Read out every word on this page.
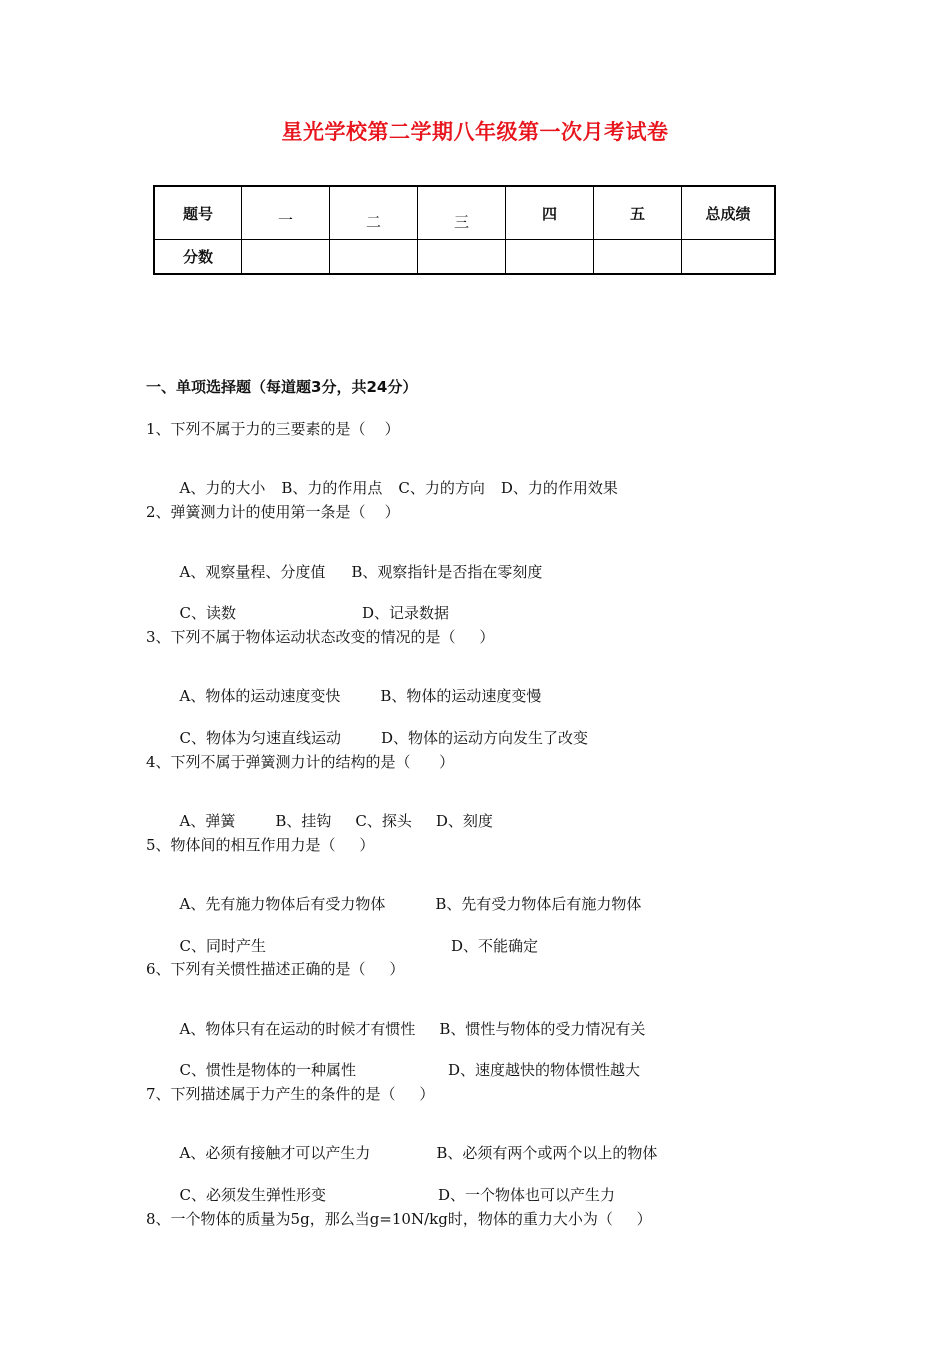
星光学校第二学期八年级第一次月考试卷
题号	一	二	三	四	五	总成绩
分数						
一、单项选择题（每道题3分，共24分）
1、下列不属于力的三要素的是（    ）

A、力的大小 B、力的作用点 C、力的方向 D、力的作用效果

2、弹簧测力计的使用第一条是（    ）

A、观察量程、分度值 B、观察指针是否指在零刻度

C、读数	D、记录数据

3、下列不属于物体运动状态改变的情况的是（     ）

A、物体的运动速度变快	B、物体的运动速度变慢

C、物体为匀速直线运动	D、物体的运动方向发生了改变

4、下列不属于弹簧测力计的结构的是（      ）

A、弹簧	B、挂钩 C、探头 D、刻度

5、物体间的相互作用力是（     ）

A、先有施力物体后有受力物体	B、先有受力物体后有施力物体

C、同时产生	D、不能确定

6、下列有关惯性描述正确的是（     ）

A、物体只有在运动的时候才有惯性 B、惯性与物体的受力情况有关

C、惯性是物体的一种属性	D、速度越快的物体惯性越大

7、下列描述属于力产生的条件的是（     ）

A、必须有接触才可以产生力	B、必须有两个或两个以上的物体

C、必须发生弹性形变	D、一个物体也可以产生力

8、一个物体的质量为5g，那么当g=10N/kg时，物体的重力大小为（     ）
